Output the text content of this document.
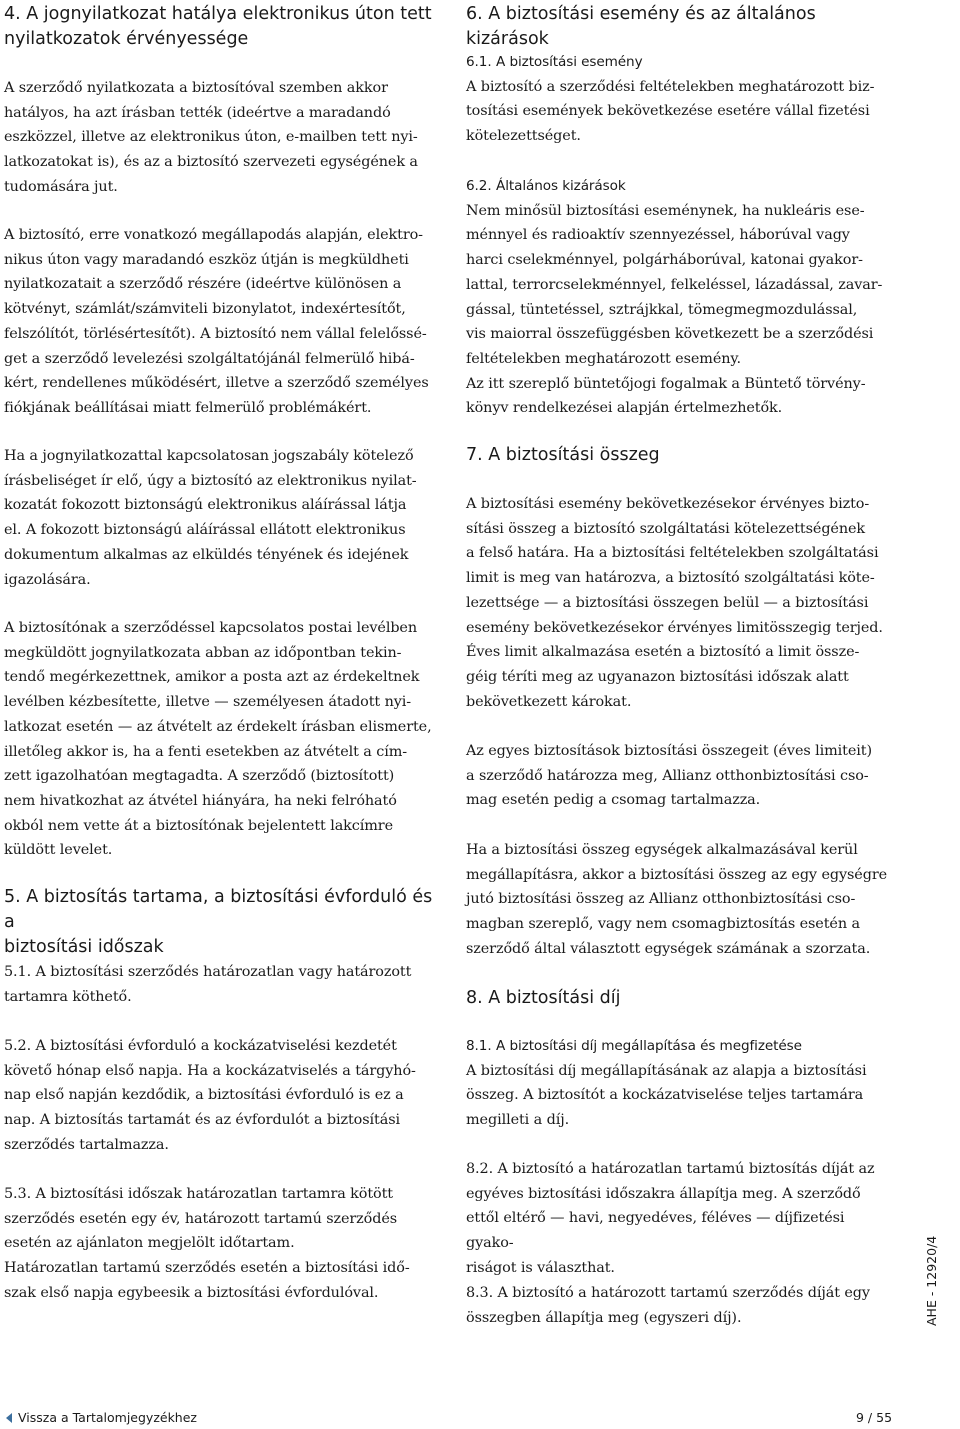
4. A jognyilatkozat hatálya elektronikus úton tett
nyilatkozatok érvényessége

A szerződő nyilatkozata a biztosítóval szemben akkor

hatályos, ha azt írásban tették (ideértve a maradandó

eszközzel, illetve az elektronikus úton, e-mailben tett nyi-

latkozatokat is), és az a biztosító szervezeti egységének a

tudomására jut.

A biztosító, erre vonatkozó megállapodás alapján, elektro-

nikus úton vagy maradandó eszköz útján is megküldheti

nyilatkozatait a szerződő részére (ideértve különösen a

kötvényt, számlát/számviteli bizonylatot, indexértesítőt,

felszólítót, törlésértesítőt). A biztosító nem vállal felelőssé-

get a szerződő levelezési szolgáltatójánál felmerülő hibá-

kért, rendellenes működésért, illetve a szerződő személyes

fiókjának beállításai miatt felmerülő problémákért.

Ha a jognyilatkozattal kapcsolatosan jogszabály kötelező

írásbeliséget ír elő, úgy a biztosító az elektronikus nyilat-

kozatát fokozott biztonságú elektronikus aláírással látja

el. A fokozott biztonságú aláírással ellátott elektronikus

dokumentum alkalmas az elküldés tényének és idejének

igazolására.

A biztosítónak a szerződéssel kapcsolatos postai levélben

megküldött jognyilatkozata abban az időpontban tekin-

tendő megérkezettnek, amikor a posta azt az érdekeltnek

levélben kézbesítette, illetve — személyesen átadott nyi-

latkozat esetén — az átvételt az érdekelt írásban elismerte,

illetőleg akkor is, ha a fenti esetekben az átvételt a cím-

zett igazolhatóan megtagadta. A szerződő (biztosított)

nem hivatkozhat az átvétel hiányára, ha neki felróható

okból nem vette át a biztosítónak bejelentett lakcímre

küldött levelet.

5. A biztosítás tartama, a biztosítási évforduló és a
biztosítási időszak

5.1. A biztosítási szerződés határozatlan vagy határozott

tartamra köthető.

5.2. A biztosítási évforduló a kockázatviselési kezdetét

követő hónap első napja. Ha a kockázatviselés a tárgyhó-

nap első napján kezdődik, a biztosítási évforduló is ez a

nap. A biztosítás tartamát és az évfordulót a biztosítási

szerződés tartalmazza.

5.3. A biztosítási időszak határozatlan tartamra kötött

szerződés esetén egy év, határozott tartamú szerződés

esetén az ajánlaton megjelölt időtartam.

Határozatlan tartamú szerződés esetén a biztosítási idő-

szak első napja egybeesik a biztosítási évfordulóval.

6. A biztosítási esemény és az általános kizárások

6.1. A biztosítási esemény

A biztosító a szerződési feltételekben meghatározott biz-

tosítási események bekövetkezése esetére vállal fizetési

kötelezettséget.

6.2. Általános kizárások

Nem minősül biztosítási eseménynek, ha nukleáris ese-

ménnyel és radioaktív szennyezéssel, háborúval vagy

harci cselekménnyel, polgárháborúval, katonai gyakor-

lattal, terrorcselekménnyel, felkeléssel, lázadással, zavar-

gással, tüntetéssel, sztrájkkal, tömegmegmozdulással,

vis maiorral összefüggésben következett be a szerződési

feltételekben meghatározott esemény.

Az itt szereplő büntetőjogi fogalmak a Büntető törvény-

könyv rendelkezései alapján értelmezhetők.

7. A biztosítási összeg

A biztosítási esemény bekövetkezésekor érvényes bizto-

sítási összeg a biztosító szolgáltatási kötelezettségének

a felső határa. Ha a biztosítási feltételekben szolgáltatási

limit is meg van határozva, a biztosító szolgáltatási köte-

lezettsége — a biztosítási összegen belül — a biztosítási

esemény bekövetkezésekor érvényes limitösszegig terjed.

Éves limit alkalmazása esetén a biztosító a limit össze-

géig téríti meg az ugyanazon biztosítási időszak alatt

bekövetkezett károkat.

Az egyes biztosítások biztosítási összegeit (éves limiteit)

a szerződő határozza meg, Allianz otthonbiztosítási cso-

mag esetén pedig a csomag tartalmazza.

Ha a biztosítási összeg egységek alkalmazásával kerül

megállapításra, akkor a biztosítási összeg az egy egységre

jutó biztosítási összeg az Allianz otthonbiztosítási cso-

magban szereplő, vagy nem csomagbiztosítás esetén a

szerződő által választott egységek számának a szorzata.

8. A biztosítási díj

8.1. A biztosítási díj megállapítása és megfizetése

A biztosítási díj megállapításának az alapja a biztosítási

összeg. A biztosítót a kockázatviselése teljes tartamára

megilleti a díj.

8.2. A biztosító a határozatlan tartamú biztosítás díját az

egyéves biztosítási időszakra állapítja meg. A szerződő

ettől eltérő — havi, negyedéves, féléves — díjfizetési gyako-

riságot is választhat.

8.3. A biztosító a határozott tartamú szerződés díját egy

összegben állapítja meg (egyszeri díj).

Vissza a Tartalomjegyzékhez	9 / 55
AHE - 12920/4
